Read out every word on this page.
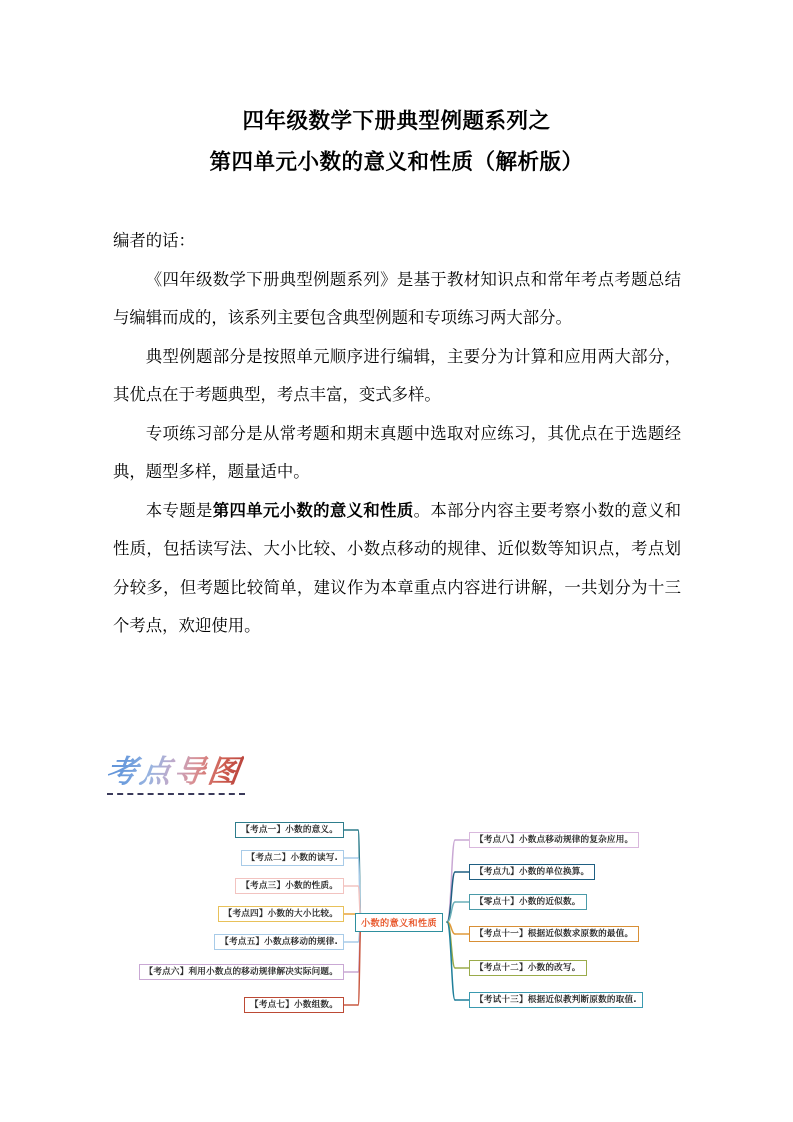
四年级数学下册典型例题系列之
第四单元小数的意义和性质（解析版）

编者的话：

《四年级数学下册典型例题系列》是基于教材知识点和常年考点考题总结与编辑而成的，该系列主要包含典型例题和专项练习两大部分。

典型例题部分是按照单元顺序进行编辑，主要分为计算和应用两大部分，其优点在于考题典型，考点丰富，变式多样。

专项练习部分是从常考题和期末真题中选取对应练习，其优点在于选题经典，题型多样，题量适中。

本专题是第四单元小数的意义和性质。本部分内容主要考察小数的意义和性质，包括读写法、大小比较、小数点移动的规律、近似数等知识点，考点划分较多，但考题比较简单，建议作为本章重点内容进行讲解，一共划分为十三个考点，欢迎使用。

考点导图
小数的意义和性质
【考点一】小数的意义。
【考点二】小数的读写.
【考点三】小数的性质。
【考点四】小数的大小比较。
【考点五】小数点移动的规律.
【考点六】利用小数点的移动规律解决实际问题。
【考点七】小数组数。
【考点八】小数点移动规律的复杂应用。
【考点九】小数的单位换算。
【零点十】小数的近似数。
【考点十一】根据近似数求原数的最值。
【考点十二】小数的改写。
【考试十三】根据近似教判断原数的取值.
